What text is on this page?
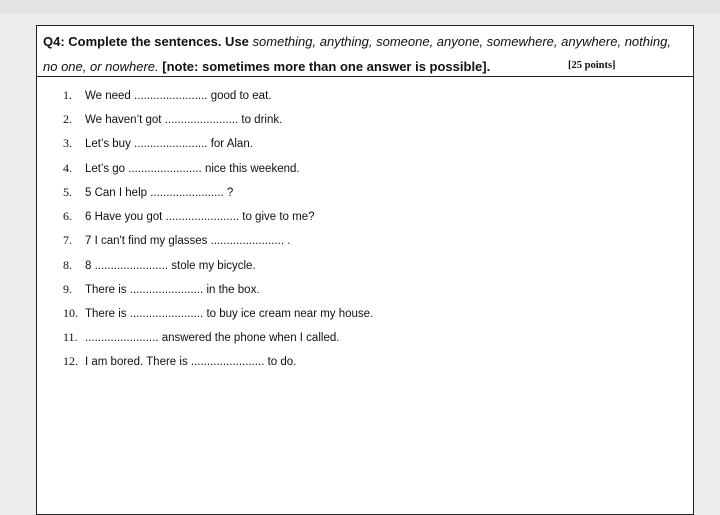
Q4: Complete the sentences. Use something, anything, someone, anyone, somewhere, anywhere, nothing,
no one, or nowhere. [note: sometimes more than one answer is possible].	[25 points]
1. We need ....................... good to eat.
2. We haven’t got ....................... to drink.
3. Let’s buy ....................... for Alan.
4. Let’s go ....................... nice this weekend.
5. 5 Can I help ....................... ?
6. 6 Have you got ....................... to give to me?
7. 7 I can't find my glasses ....................... .
8. 8 ....................... stole my bicycle.
9. There is ....................... in the box.
10. There is ....................... to buy ice cream near my house.
11. ....................... answered the phone when I called.
12. I am bored. There is ....................... to do.
